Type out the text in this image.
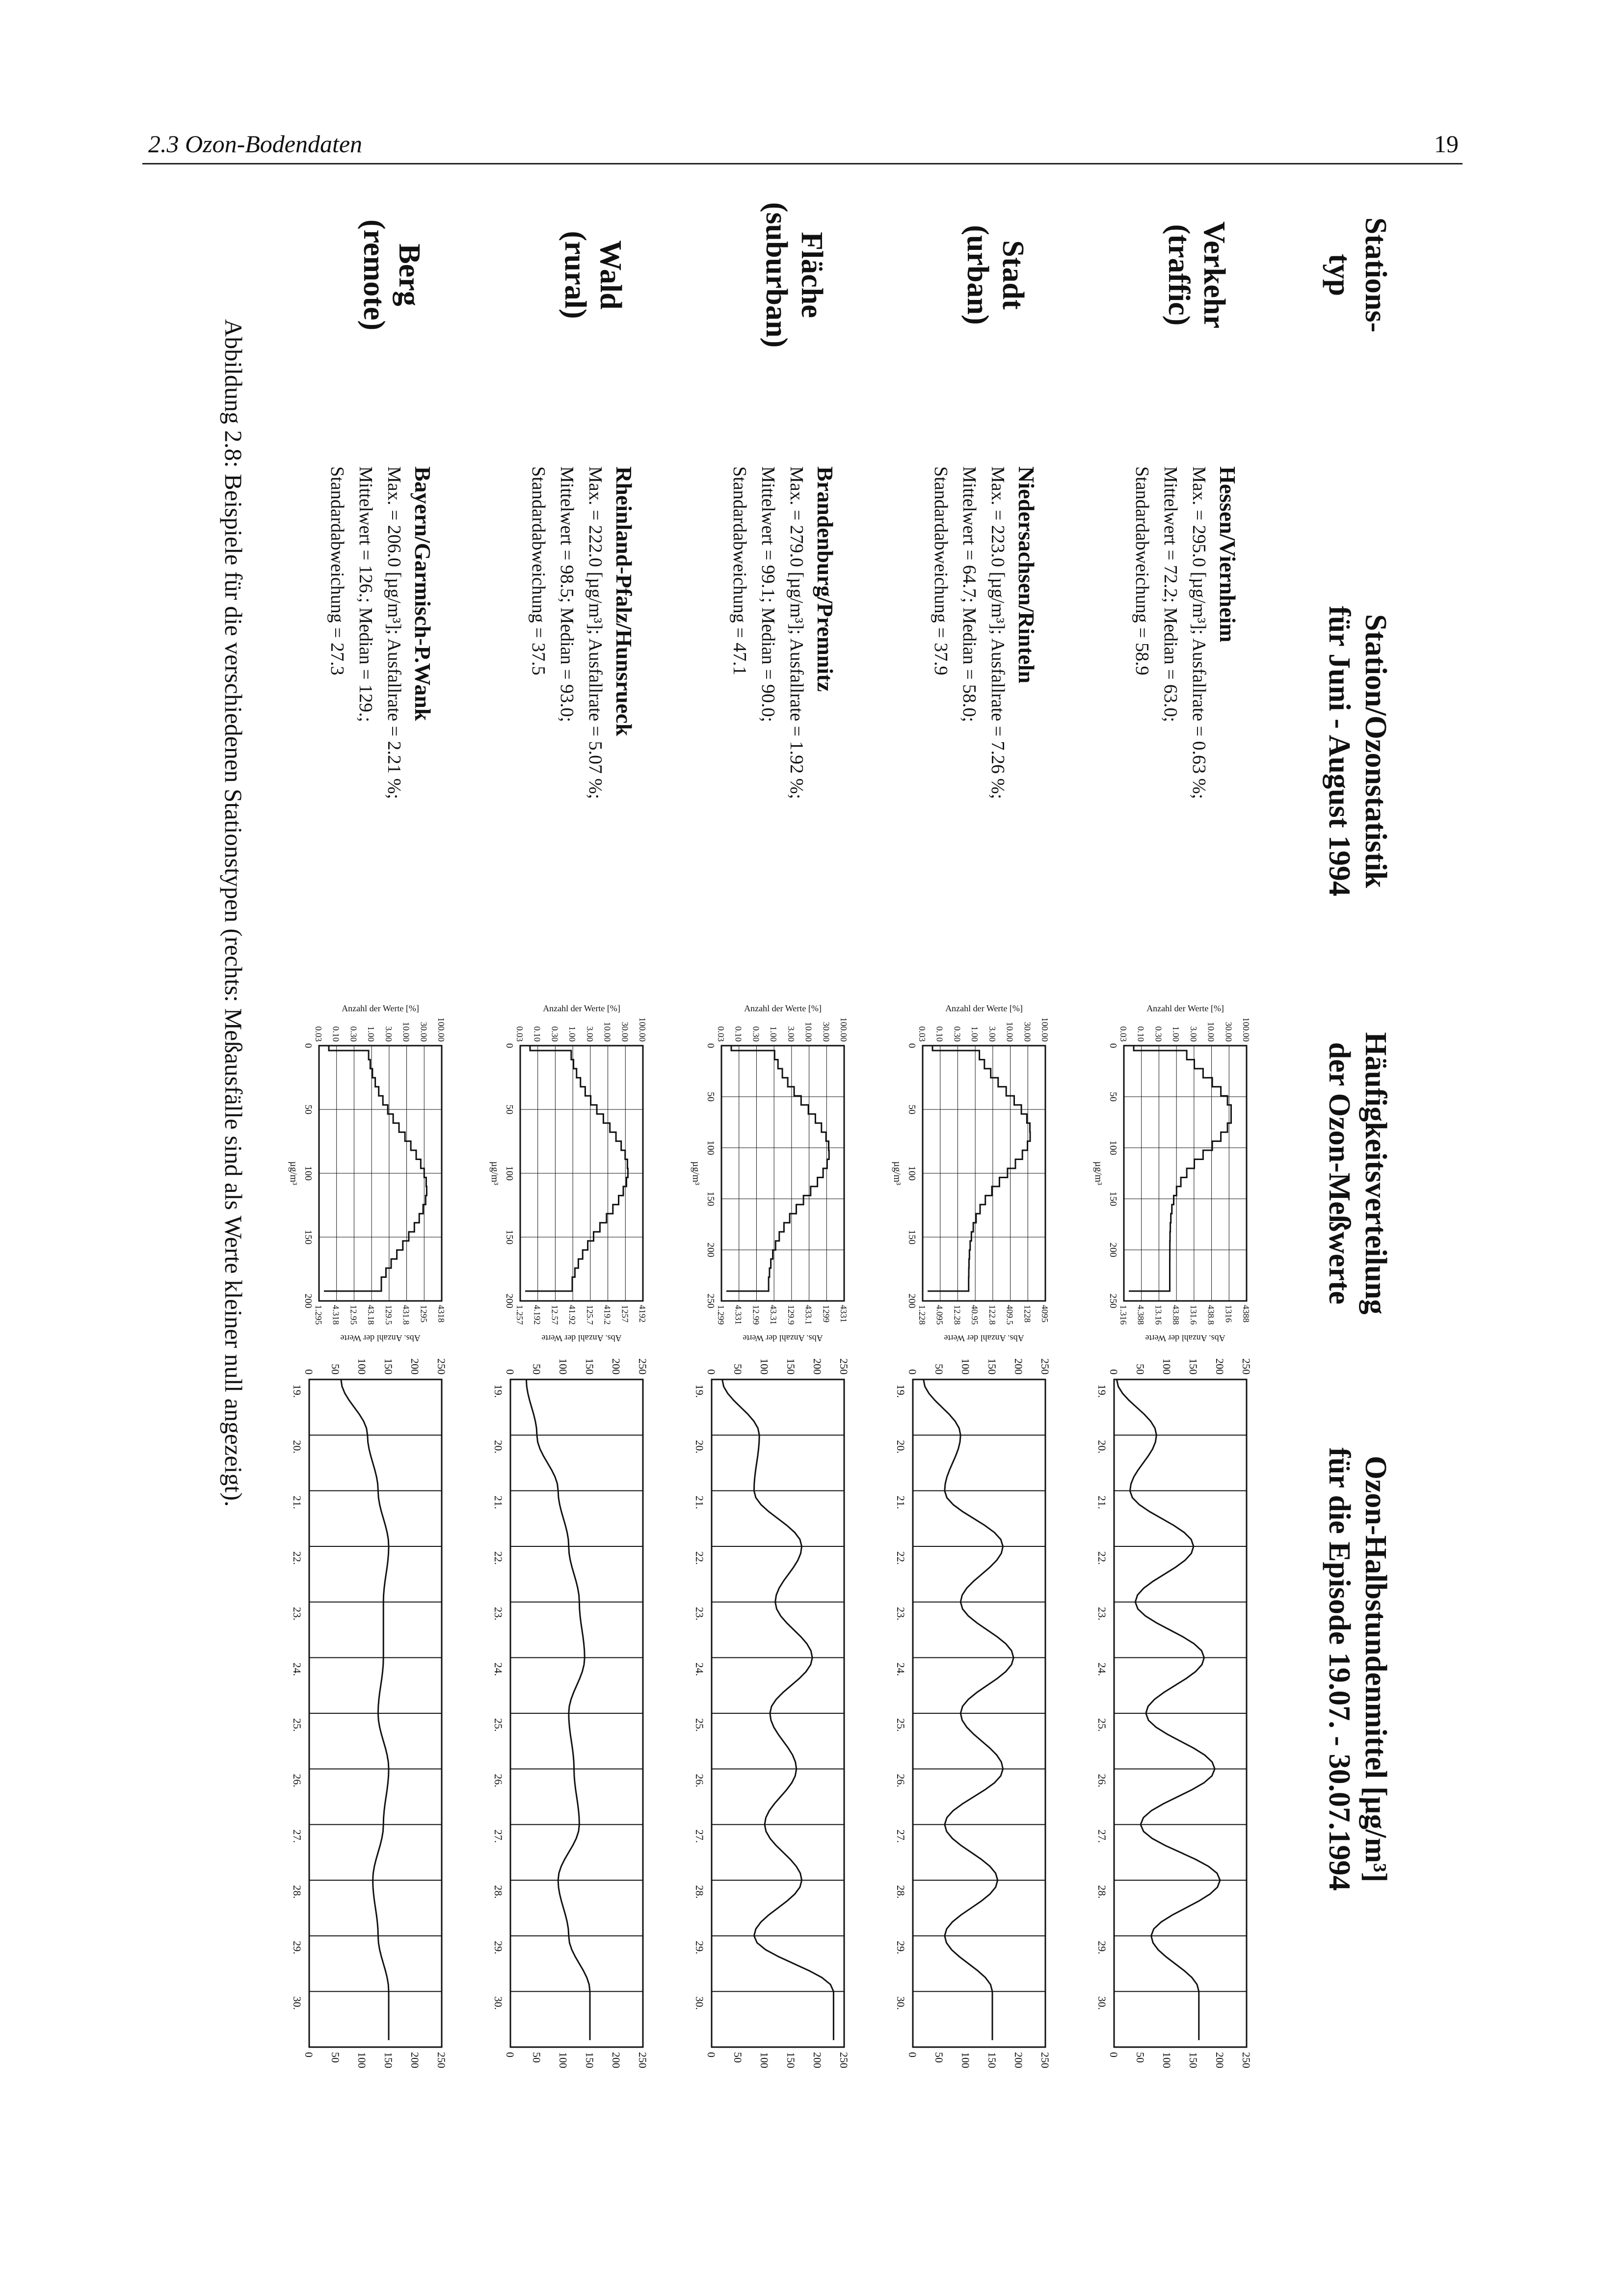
2.3 Ozon-Bodendaten	19
Stations-
typ
Station/Ozonstatistik
für Juni - August 1994
Häufigkeitsverteilung
der Ozon-Meßwerte
Ozon-Halbstundenmittel [µg/m³]
für die Episode 19.07. - 30.07.1994
Verkehr
(traffic)
Hessen/Viernheim
Max. = 295.0 [µg/m³]; Ausfallrate = 0.63 %;
Mittelwert = 72.2; Median = 63.0;
Standardabweichung = 58.9
100.00
4388
30.00
1316
10.00
438.8
3.00
131.6
1.00
43.88
0.30
13.16
0.10
4.388
0.03
1.316
0
50
100
150
200
250
µg/m³
Anzahl der Werte [%]
Abs. Anzahl der Werte
19.
20.
21.
22.
23.
24.
25.
26.
27.
28.
29.
30.
250
250
200
200
150
150
100
100
50
50
0
0
Stadt
(urban)
Niedersachsen/Rinteln
Max. = 223.0 [µg/m³]; Ausfallrate = 7.26 %;
Mittelwert = 64.7; Median = 58.0;
Standardabweichung = 37.9
100.00
4095
30.00
1228
10.00
409.5
3.00
122.8
1.00
40.95
0.30
12.28
0.10
4.095
0.03
1.228
0
50
100
150
200
µg/m³
Anzahl der Werte [%]
Abs. Anzahl der Werte
19.
20.
21.
22.
23.
24.
25.
26.
27.
28.
29.
30.
250
250
200
200
150
150
100
100
50
50
0
0
Fläche
(suburban)
Brandenburg/Premnitz
Max. = 279.0 [µg/m³]; Ausfallrate = 1.92 %;
Mittelwert = 99.1; Median = 90.0;
Standardabweichung = 47.1
100.00
4331
30.00
1299
10.00
433.1
3.00
129.9
1.00
43.31
0.30
12.99
0.10
4.331
0.03
1.299
0
50
100
150
200
250
µg/m³
Anzahl der Werte [%]
Abs. Anzahl der Werte
19.
20.
21.
22.
23.
24.
25.
26.
27.
28.
29.
30.
250
250
200
200
150
150
100
100
50
50
0
0
Wald
(rural)
Rheinland-Pfalz/Hunsrueck
Max. = 222.0 [µg/m³]; Ausfallrate = 5.07 %;
Mittelwert = 98.5; Median = 93.0;
Standardabweichung = 37.5
100.00
4192
30.00
1257
10.00
419.2
3.00
125.7
1.00
41.92
0.30
12.57
0.10
4.192
0.03
1.257
0
50
100
150
200
µg/m³
Anzahl der Werte [%]
Abs. Anzahl der Werte
19.
20.
21.
22.
23.
24.
25.
26.
27.
28.
29.
30.
250
250
200
200
150
150
100
100
50
50
0
0
Berg
(remote)
Bayern/Garmisch-P.Wank
Max. = 206.0 [µg/m³]; Ausfallrate = 2.21 %;
Mittelwert = 126.; Median = 129.;
Standardabweichung = 27.3
100.00
4318
30.00
1295
10.00
431.8
3.00
129.5
1.00
43.18
0.30
12.95
0.10
4.318
0.03
1.295
0
50
100
150
200
µg/m³
Anzahl der Werte [%]
Abs. Anzahl der Werte
19.
20.
21.
22.
23.
24.
25.
26.
27.
28.
29.
30.
250
250
200
200
150
150
100
100
50
50
0
0
Abbildung 2.8: Beispiele für die verschiedenen Stationstypen (rechts: Meßausfälle sind als Werte kleiner null angezeigt).
